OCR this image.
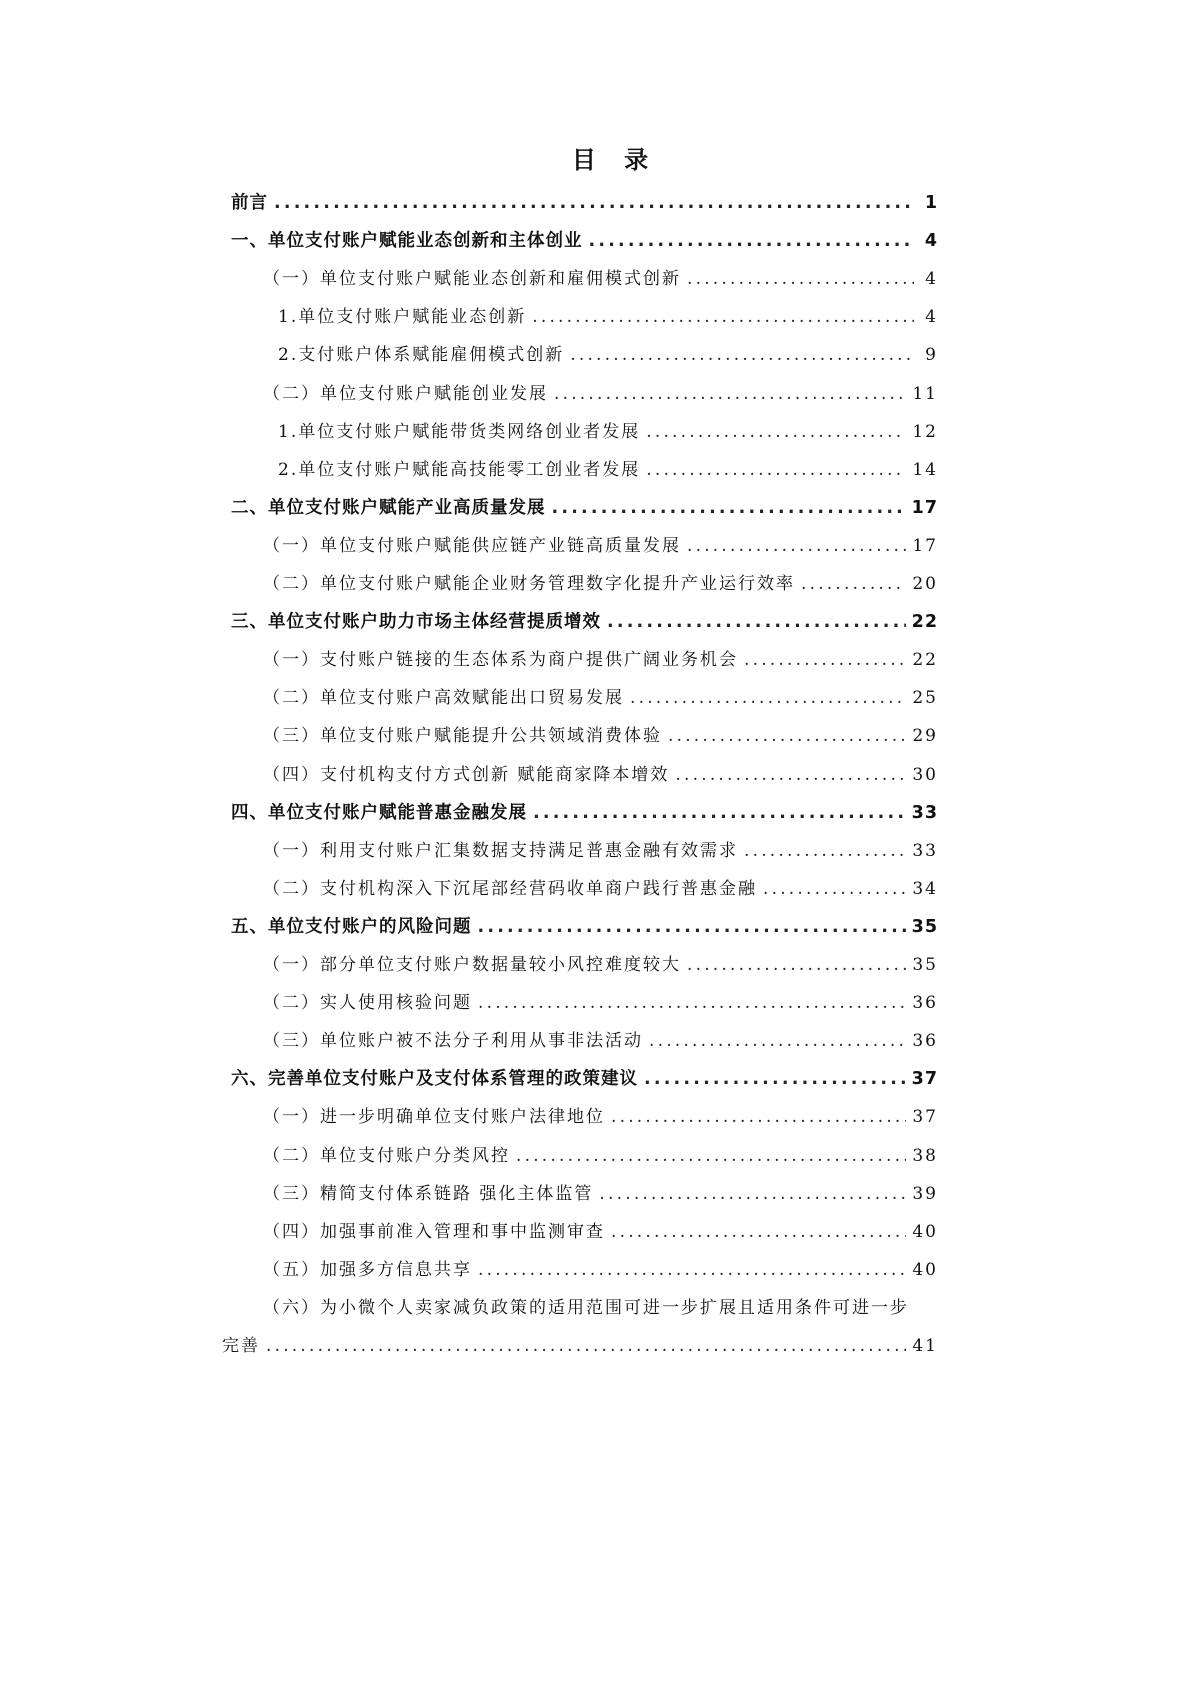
目 录
前言 .....	1
一、单位支付账户赋能业态创新和主体创业 .....	4
（一）单位支付账户赋能业态创新和雇佣模式创新 .....	4
1.单位支付账户赋能业态创新 .....	4
2.支付账户体系赋能雇佣模式创新 .....	9
（二）单位支付账户赋能创业发展 .....	11
1.单位支付账户赋能带货类网络创业者发展 .....	12
2.单位支付账户赋能高技能零工创业者发展 .....	14
二、单位支付账户赋能产业高质量发展 .....	17
（一）单位支付账户赋能供应链产业链高质量发展 .....	17
（二）单位支付账户赋能企业财务管理数字化提升产业运行效率 .....	20
三、单位支付账户助力市场主体经营提质增效 .....	22
（一）支付账户链接的生态体系为商户提供广阔业务机会 .....	22
（二）单位支付账户高效赋能出口贸易发展 .....	25
（三）单位支付账户赋能提升公共领域消费体验 .....	29
（四）支付机构支付方式创新 赋能商家降本增效 .....	30
四、单位支付账户赋能普惠金融发展 .....	33
（一）利用支付账户汇集数据支持满足普惠金融有效需求 .....	33
（二）支付机构深入下沉尾部经营码收单商户践行普惠金融 .....	34
五、单位支付账户的风险问题 .....	35
（一）部分单位支付账户数据量较小风控难度较大 .....	35
（二）实人使用核验问题 .....	36
（三）单位账户被不法分子利用从事非法活动 .....	36
六、完善单位支付账户及支付体系管理的政策建议 .....	37
（一）进一步明确单位支付账户法律地位 .....	37
（二）单位支付账户分类风控 .....	38
（三）精简支付体系链路 强化主体监管 .....	39
（四）加强事前准入管理和事中监测审查 .....	40
（五）加强多方信息共享 .....	40
（六）为小微个人卖家减负政策的适用范围可进一步扩展且适用条件可进一步
完善 .....	41
